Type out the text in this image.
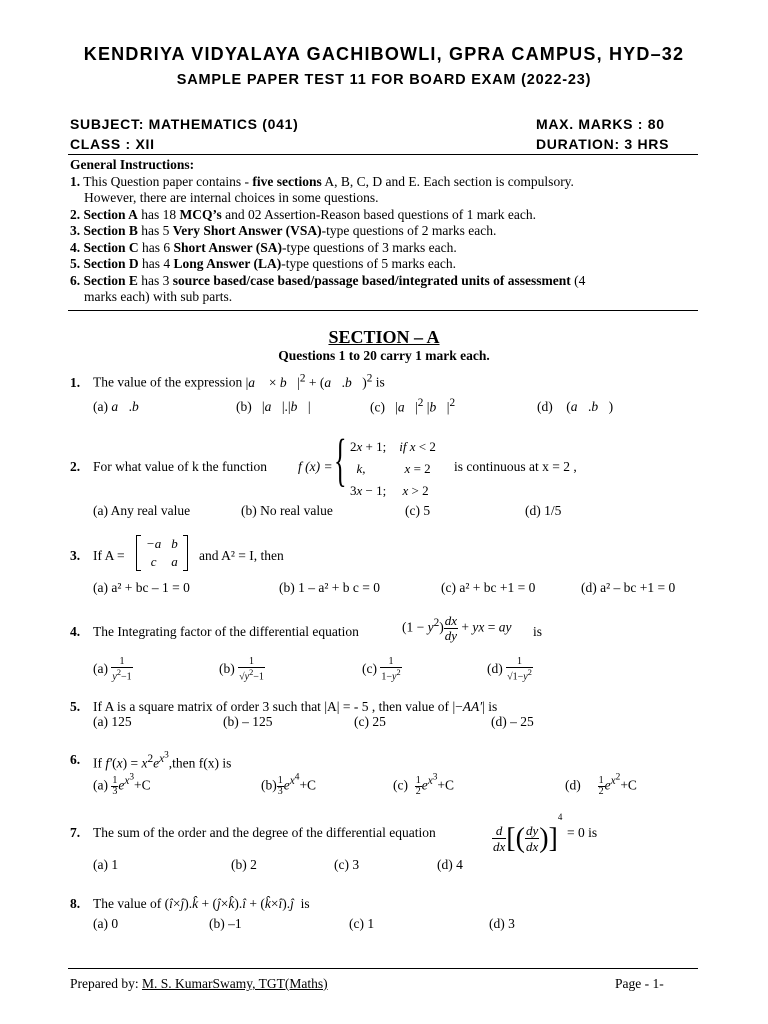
KENDRIYA VIDYALAYA GACHIBOWLI, GPRA CAMPUS, HYD–32
SAMPLE PAPER TEST 11 FOR BOARD EXAM (2022-23)
SUBJECT: MATHEMATICS (041)	MAX. MARKS : 80
CLASS : XII	DURATION: 3 HRS
General Instructions:
1. This Question paper contains - five sections A, B, C, D and E. Each section is compulsory.
However, there are internal choices in some questions.
2. Section A has 18 MCQ’s and 02 Assertion-Reason based questions of 1 mark each.
3. Section B has 5 Very Short Answer (VSA)-type questions of 2 marks each.
4. Section C has 6 Short Answer (SA)-type questions of 3 marks each.
5. Section D has 4 Long Answer (LA)-type questions of 5 marks each.
6. Section E has 3 source based/case based/passage based/integrated units of assessment (4
marks each) with sub parts.
SECTION – A
Questions 1 to 20 carry 1 mark each.
1. The value of the expression |a⃗ × $b⃗|^2$ + (a⃗.b⃗)$^2$ is
(a) a⃗.b⃗	(b)   |a⃗|.|b⃗|	(c)   $|a⃗|^2$ $|b⃗|^2$	(d)    (a⃗.b⃗)
2. For what value of k the function f (x) = { 2x + 1;    if x < 2
k,            x = 2
3x − 1;     x > 2
is continuous at x = 2 ,
(a) Any real value	(b) No real value	(c) 5	(d) 1/5
3. If A =
−a	b
c	a and A² = I, then
(a) a² + bc – 1 = 0	(b) 1 – a² + b c = 0	(c) a² + bc +1 = 0	(d) a² – bc +1 = 0
4. The Integrating factor of the differential equation	$(1 - y^2) \frac{dx}{dy}$ + yx = ay is
$(a) \frac{1}{y^2-1}$	$(b) \frac{1}{√y^2-1}$	$(c) \frac{1}{1-y^2}$	$(d) \frac{1}{√1-y^2}$
5. If A is a square matrix of order 3 such that |A| = - 5 , then value of |−AA′| is
(a) 125	(b) – 125	(c) 25	(d) – 25
6. If $f'(x) = x^2e^{x^3},then$ f(x) is
$(a) \frac{1}{3} e^{x^3}+C$	$(b) \frac{1}{3} e^{x^4}+C$	$(c) \frac{1}{2} e^{x^3}+C$	$(d) \frac{1}{2} e^{x^2}+C$
7. The sum of the order and the degree of the differential equation	$\frac{d}{dx}$ [( $\frac{dy}{dx} )]^4$
= 0 is
(a) 1	(b) 2	(c) 3	(d) 4
8. The value of (î×ĵ).k̂ + (ĵ×k̂).î + (k̂×î).ĵ is
(a) 0	(b) –1	(c) 1	(d) 3
Prepared by: M. S. KumarSwamy, TGT(Maths)	Page - 1-
